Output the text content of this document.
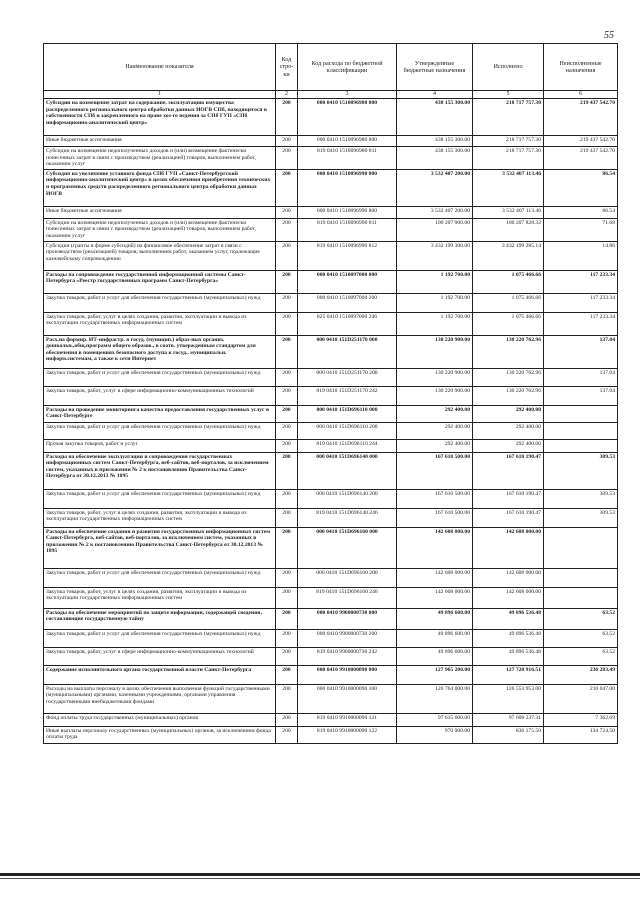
55
Наименование показателя	Код стро-ки	Код расхода по бюджетной классификации	Утвержденные бюджетные назначения	Исполнено	Неисполненные назначения
1	2	3	4	5	6
Субсидии на возмещение затрат на содержание, эксплуатацию имущества распределенного регионального центра обработки данных ИОГВ СПб, находящегося в собственности СПб и закрепленного на праве хоз-го ведения за СПб ГУП «СПб информационно-аналитический центр»	200	000 0410 1510096980 000	438 155 300.00	218 717 757.30	219 437 542.70
Иные бюджетные ассигнования	200	000 0410 1510096980 800	438 155 300.00	218 717 757.30	219 437 542.70
Субсидии на возмещение недополученных доходов и (или) возмещение фактически понесенных затрат в связи с производством (реализацией) товаров, выполнением работ, оказанием услуг	200	819 0410 1510096980 811	438 155 300.00	218 717 757.30	219 437 542.70
Субсидия на увеличение уставного фонда СПб ГУП «Санкт-Петербургский информационно-аналитический центр» в целях обеспечения приобретения технических и программных средств распределенного регионального центра обработки данных ИОГВ	200	000 0410 1510096990 000	3 532 407 200.00	3 532 407 113.46	86.54
Иные бюджетные ассигнования	200	000 0410 1510096990 800	3 532 407 200.00	3 532 407 113.46	86.54
Субсидии на возмещение недополученных доходов и (или) возмещение фактически понесенных затрат в связи с производством (реализацией) товаров, выполнением работ, оказанием услуг	200	819 0410 1510096990 811	100 207 900.00	100 207 828.32	71.68
Субсидии (гранты в форме субсидий) на финансовое обеспечение затрат в связи с производством (реализацией) товаров, выполнением работ, оказанием услуг, подлежащие казначейскому сопровождению	200	819 0410 1510096990 812	3 432 199 300.00	3 432 199 285.14	14.86
Расходы на сопровождение государственной информационной системы Санкт-Петербурга «Реестр государственных программ Санкт-Петербурга»	200	000 0410 1510097000 000	1 192 700.00	1 075 466.66	117 233.34
Закупка товаров, работ и услуг для обеспечения государственных (муниципальных) нужд	200	000 0410 1510097000 200	1 192 700.00	1 075 466.66	117 233.34
Закупка товаров, работ, услуг в целях создания, развития, эксплуатации и вывода из эксплуатации государственных информационных систем	200	825 0410 1510097000 246	1 192 700.00	1 075 466.66	117 233.34
Расх.на формир. ИТ-инфрастр. в госуд. (муницип.) образ-ных организ. дошкольн.,общ.программ общего образов., в соотв. утвержденным стандартом для обеспечения в помещениях безопасного доступа к госуд., муниципальн. информ.системам, а также к сети Интернет	200	000 0410 151D251170 000	130 220 900.00	130 220 762.96	137.04
Закупка товаров, работ и услуг для обеспечения государственных (муниципальных) нужд	200	000 0410 151D251170 200	130 220 900.00	130 220 762.96	137.04
Закупка товаров, работ, услуг в сфере информационно-коммуникационных технологий	200	819 0410 151D251170 242	130 220 900.00	130 220 762.96	137.04
Расходы на проведение мониторинга качества предоставления государственных услуг в Санкт-Петербурге	200	000 0410 151D696110 000	292 400.00	292 400.00	
Закупка товаров, работ и услуг для обеспечения государственных (муниципальных) нужд	200	000 0410 151D696110 200	292 400.00	292 400.00	
Прочая закупка товаров, работ и услуг	200	819 0410 151D696110 244	292 400.00	292 400.00	
Расходы на обеспечение эксплуатации и сопровождения государственных информационных систем Санкт-Петербурга, веб-сайтов, веб-порталов, за исключением систем, указанных в приложении № 2 к постановлению Правительства Санкт-Петербурга от 30.12.2013 № 1095	200	000 0410 151D696140 000	167 610 500.00	167 610 190.47	309.53
Закупка товаров, работ и услуг для обеспечения государственных (муниципальных) нужд	200	000 0410 151D696140 200	167 610 500.00	167 610 190.47	309.53
Закупка товаров, работ, услуг в целях создания, развития, эксплуатации и вывода из эксплуатации государственных информационных систем	200	819 0410 151D696140 246	167 610 500.00	167 610 190.47	309.53
Расходы на обеспечение создания и развития государственных информационных систем Санкт-Петербурга, веб-сайтов, веб-порталов, за исключением систем, указанных в приложении № 2 к постановлению Правительства Санкт-Петербурга от 30.12.2013 № 1095	200	000 0410 151D696160 000	142 608 000.00	142 608 000.00	
Закупка товаров, работ и услуг для обеспечения государственных (муниципальных) нужд	200	000 0410 151D696160 200	142 608 000.00	142 608 000.00	
Закупка товаров, работ, услуг в целях создания, развития, эксплуатации и вывода из эксплуатации государственных информационных систем	200	819 0410 151D696160 246	142 608 000.00	142 608 000.00	
Расходы на обеспечение мероприятий по защите информации, содержащей сведения, составляющие государственную тайну	200	000 0410 9900000730 000	49 896 600.00	49 896 536.48	63.52
Закупка товаров, работ и услуг для обеспечения государственных (муниципальных) нужд	200	000 0410 9900000730 200	49 896 600.00	49 896 536.48	63.52
Закупка товаров, работ, услуг в сфере информационно-коммуникационных технологий	200	819 0410 9900000730 242	49 896 600.00	49 896 536.48	63.52
Содержание исполнительного органа государственной власти Санкт-Петербурга	200	000 0410 9910000090 000	127 965 200.00	127 728 916.51	236 283.49
Расходы на выплаты персоналу в целях обеспечения выполнения функций государственными (муниципальными) органами, казенными учреждениями, органами управления государственными внебюджетными фондами	200	000 0410 9910000090 100	126 764 000.00	126 553 953.00	210 047.00
Фонд оплаты труда государственных (муниципальных) органов	200	819 0410 9910000090 121	97 615 600.00	97 608 237.31	7 362.69
Иные выплаты персоналу государственных (муниципальных) органов, за исключением фонда оплаты труда	200	819 0410 9910000090 122	970 900.00	836 175.50	134 724.50
